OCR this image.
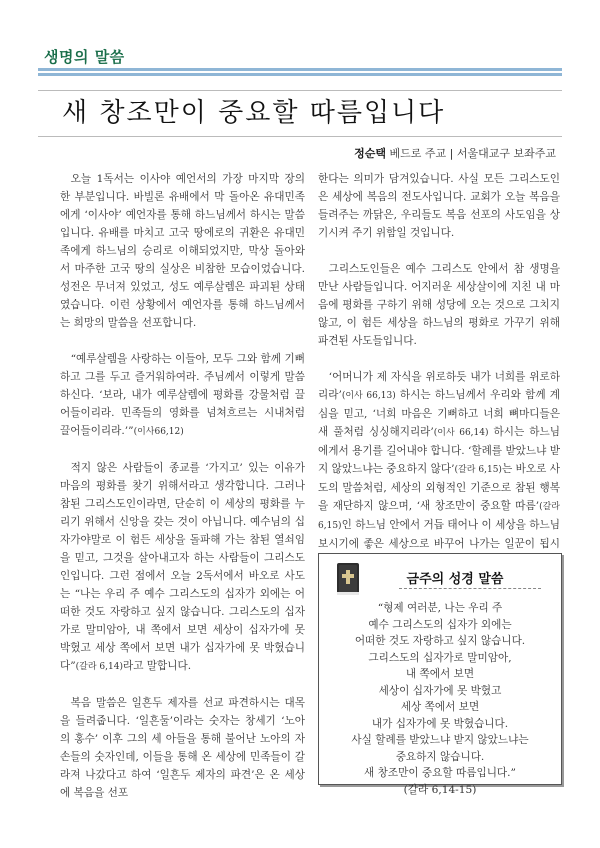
생명의 말씀
새 창조만이 중요할 따름입니다
정순택 베드로 주교 | 서울대교구 보좌주교

오늘 1독서는 이사야 예언서의 가장 마지막 장의 한 부분입니다. 바빌론 유배에서 막 돌아온 유대민족에게 ‘이사야’ 예언자를 통해 하느님께서 하시는 말씀입니다. 유배를 마치고 고국 땅에로의 귀환은 유대민족에게 하느님의 승리로 이해되었지만, 막상 돌아와서 마주한 고국 땅의 실상은 비참한 모습이었습니다. 성전은 무너져 있었고, 성도 예루살렘은 파괴된 상태였습니다. 이런 상황에서 예언자를 통해 하느님께서는 희망의 말씀을 선포합니다.

“예루살렘을 사랑하는 이들아, 모두 그와 함께 기뻐하고 그를 두고 즐거워하여라. 주님께서 이렇게 말씀하신다. ‘보라, 내가 예루살렘에 평화를 강물처럼 끌어들이리라. 민족들의 영화를 넘쳐흐르는 시내처럼 끌어들이리라.’”(이사66,12)

적지 않은 사람들이 종교를 ‘가지고’ 있는 이유가 마음의 평화를 찾기 위해서라고 생각합니다. 그러나 참된 그리스도인이라면, 단순히 이 세상의 평화를 누리기 위해서 신앙을 갖는 것이 아닙니다. 예수님의 십자가야말로 이 험든 세상을 돌파해 가는 참된 열쇠임을 믿고, 그것을 살아내고자 하는 사람들이 그리스도인입니다. 그런 점에서 오늘 2독서에서 바오로 사도는 “나는 우리 주 예수 그리스도의 십자가 외에는 어떠한 것도 자랑하고 싶지 않습니다. 그리스도의 십자가로 말미암아, 내 쪽에서 보면 세상이 십자가에 못 박혔고 세상 쪽에서 보면 내가 십자가에 못 박혔습니다”(갈라 6,14)라고 말합니다.

복음 말씀은 일흔두 제자를 선교 파견하시는 대목을 들려줍니다. ‘일흔둘’이라는 숫자는 창세기 ‘노아의 홍수’ 이후 그의 세 아들을 통해 불어난 노아의 자손들의 숫자인데, 이들을 통해 온 세상에 민족들이 갈라져 나갔다고 하여 ‘일흔두 제자의 파견’은 온 세상에 복음을 선포

한다는 의미가 담겨있습니다. 사실 모든 그리스도인은 세상에 복음의 전도사입니다. 교회가 오늘 복음을 들려주는 까닭은, 우리들도 복음 선포의 사도임을 상기시켜 주기 위함일 것입니다.

그리스도인들은 예수 그리스도 안에서 참 생명을 만난 사람들입니다. 어지러운 세상살이에 지친 내 마음에 평화를 구하기 위해 성당에 오는 것으로 그치지 않고, 이 험든 세상을 하느님의 평화로 가꾸기 위해 파견된 사도들입니다.

‘어머니가 제 자식을 위로하듯 내가 너희를 위로하리라’(이사 66,13) 하시는 하느님께서 우리와 함께 계심을 믿고, ‘너희 마음은 기뻐하고 너희 뼈마디들은 새 풀처럼 싱싱해지리라’(이사 66,14) 하시는 하느님에게서 용기를 길어내야 합니다. ‘할례를 받았느냐 받지 않았느냐는 중요하지 않다’(갈라 6,15)는 바오로 사도의 말씀처럼, 세상의 외형적인 기준으로 참된 행복을 재단하지 않으며, ‘새 창조만이 중요할 따름’(갈라 6,15)인 하느님 안에서 거듭 태어나 이 세상을 하느님 보시기에 좋은 세상으로 바꾸어 나가는 일꾼이 됩시

금주의 성경 말씀
“형제 여러분, 나는 우리 주
예수 그리스도의 십자가 외에는
어떠한 것도 자랑하고 싶지 않습니다.
그리스도의 십자가로 말미암아,
내 쪽에서 보면
세상이 십자가에 못 박혔고
세상 쪽에서 보면
내가 십자가에 못 박혔습니다.
사실 할례를 받았느냐 받지 않았느냐는
중요하지 않습니다.
새 창조만이 중요할 따름입니다.”
(갈라 6,14-15)
